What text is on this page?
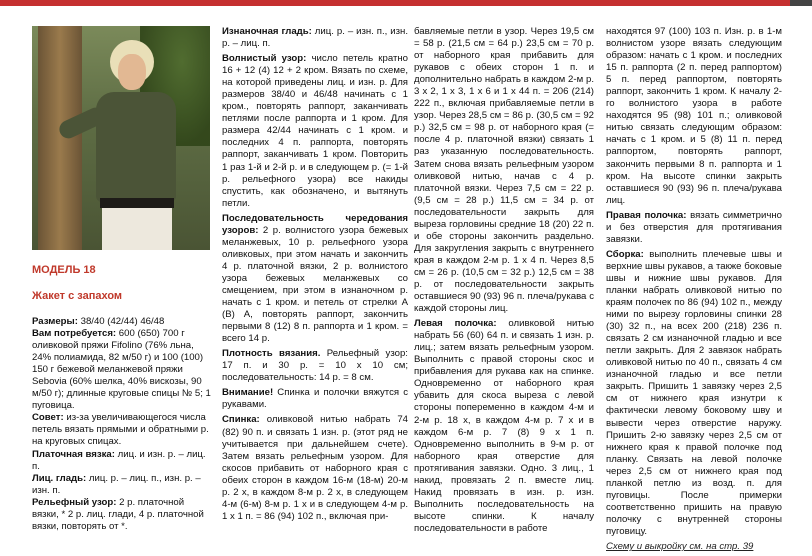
МОДЕЛЬ 18
Жакет с запахом

Размеры: 38/40 (42/44) 46/48

Вам потребуется: 600 (650) 700 г оливковой пряжи Fifolino (76% льна, 24% полиамида, 82 м/50 г) и 100 (100) 150 г бежевой меланжевой пряжи Sebovia (60% шелка, 40% вискозы, 90 м/50 г); длинные круговые спицы № 5; 1 пуговица.

Совет: из-за увеличивающегося числа петель вязать прямыми и обратными р. на круговых спицах.

Платочная вязка: лиц. и изн. р. – лиц. п.

Лиц. гладь: лиц. р. – лиц. п., изн. р. – изн. п.

Рельефный узор: 2 р. платочной вязки, * 2 р. лиц. глади, 4 р. платочной вязки, повторять от *.

Изнаночная гладь: лиц. р. – изн. п., изн. р. – лиц. п.

Волнистый узор: число петель кратно 16 + 12 (4) 12 + 2 кром. Вязать по схеме, на которой приведены лиц. и изн. р. Для размеров 38/40 и 46/48 начинать с 1 кром., повторять раппорт, заканчивать петлями после раппорта и 1 кром. Для размера 42/44 начинать с 1 кром. и последних 4 п. раппорта, повторять раппорт, заканчивать 1 кром. Повторить 1 раз 1-й и 2-й р. и в следующем р. (= 1-й р. рельефного узора) все накиды спустить, как обозначено, и вытянуть петли.

Последовательность чередования узоров: 2 р. волнистого узора бежевых меланжевых, 10 р. рельефного узора оливковых, при этом начать и закончить 4 р. платочной вязки, 2 р. волнистого узора бежевых меланжевых со смещением, при этом в изнаночном р. начать с 1 кром. и петель от стрелки A (B) A, повторять раппорт, закончить первыми 8 (12) 8 п. раппорта и 1 кром. = всего 14 р.

Плотность вязания. Рельефный узор: 17 п. и 30 р. = 10 x 10 см; последовательность: 14 р. = 8 см.

Внимание! Спинка и полочки вяжутся с рукавами.

Спинка: оливковой нитью набрать 74 (82) 90 п. и связать 1 изн. р. (этот ряд не учитывается при дальнейшем счете). Затем вязать рельефным узором. Для скосов прибавить от наборного края с обеих сторон в каждом 16-м (18-м) 20-м р. 2 х, в каждом 8-м р. 2 х, в следующем 4-м (6-м) 8-м р. 1 х и в следующем 4-м р. 1 х 1 п. = 86 (94) 102 п., включая при-

бавляемые петли в узор. Через 19,5 см = 58 р. (21,5 см = 64 р.) 23,5 см = 70 р. от наборного края прибавить для рукавов с обеих сторон 1 п. и дополнительно набрать в каждом 2-м р. 3 х 2, 1 х 3, 1 х 6 и 1 х 44 п. = 206 (214) 222 п., включая прибавляемые петли в узор. Через 28,5 см = 86 р. (30,5 см = 92 р.) 32,5 см = 98 р. от наборного края (= после 4 р. платочной вязки) связать 1 раз указанную последовательность. Затем снова вязать рельефным узором оливковой нитью, начав с 4 р. платочной вязки. Через 7,5 см = 22 р. (9,5 см = 28 р.) 11,5 см = 34 р. от последовательности закрыть для выреза горловины средние 18 (20) 22 п. и обе стороны закончить раздельно. Для закругления закрыть с внутреннего края в каждом 2-м р. 1 х 4 п. Через 8,5 см = 26 р. (10,5 см = 32 р.) 12,5 см = 38 р. от последовательности закрыть оставшиеся 90 (93) 96 п. плеча/рукава с каждой стороны лиц.

Левая полочка: оливковой нитью набрать 56 (60) 64 п. и связать 1 изн. р. лиц.; затем вязать рельефным узором. Выполнить с правой стороны скос и прибавления для рукава как на спинке. Одновременно от наборного края убавить для скоса выреза с левой стороны попеременно в каждом 4-м и 2-м р. 18 х, в каждом 4-м р. 7 х и в каждом 6-м р. 7 (8) 9 х 1 п. Одновременно выполнить в 9-м р. от наборного края отверстие для протягивания завязки. Одно. 3 лиц., 1 накид, провязать 2 п. вместе лиц. Накид провязать в изн. р. изн. Выполнить последовательность на высоте спинки. К началу последовательности в работе

находятся 97 (100) 103 п. Изн. р. в 1-м волнистом узоре вязать следующим образом: начать с 1 кром. и последних 15 п. раппорта (2 п. перед раппортом) 5 п. перед раппортом, повторять раппорт, закончить 1 кром. К началу 2-го волнистого узора в работе находятся 95 (98) 101 п.; оливковой нитью связать следующим образом: начать с 1 кром. и 5 (8) 11 п. перед раппортом, повторять раппорт, закончить первыми 8 п. раппорта и 1 кром. На высоте спинки закрыть оставшиеся 90 (93) 96 п. плеча/рукава лиц.

Правая полочка: вязать симметрично и без отверстия для протягивания завязки.

Сборка: выполнить плечевые швы и верхние швы рукавов, а также боковые швы и нижние швы рукавов. Для планки набрать оливковой нитью по краям полочек по 86 (94) 102 п., между ними по вырезу горловины спинки 28 (30) 32 п., на всех 200 (218) 236 п. связать 2 см изнаночной гладью и все петли закрыть. Для 2 завязок набрать оливковой нитью по 40 п., связать 4 см изнаночной гладью и все петли закрыть. Пришить 1 завязку через 2,5 см от нижнего края изнутри к фактически левому боковому шву и вывести через отверстие наружу. Пришить 2-ю завязку через 2,5 см от нижнего края к правой полочке под планку. Связать на левой полочке через 2,5 см от нижнего края под планкой петлю из возд. п. для пуговицы. После примерки соответственно пришить на правую полочку с внутренней стороны пуговицу.

Схему и выкройку см. на стр. 39
